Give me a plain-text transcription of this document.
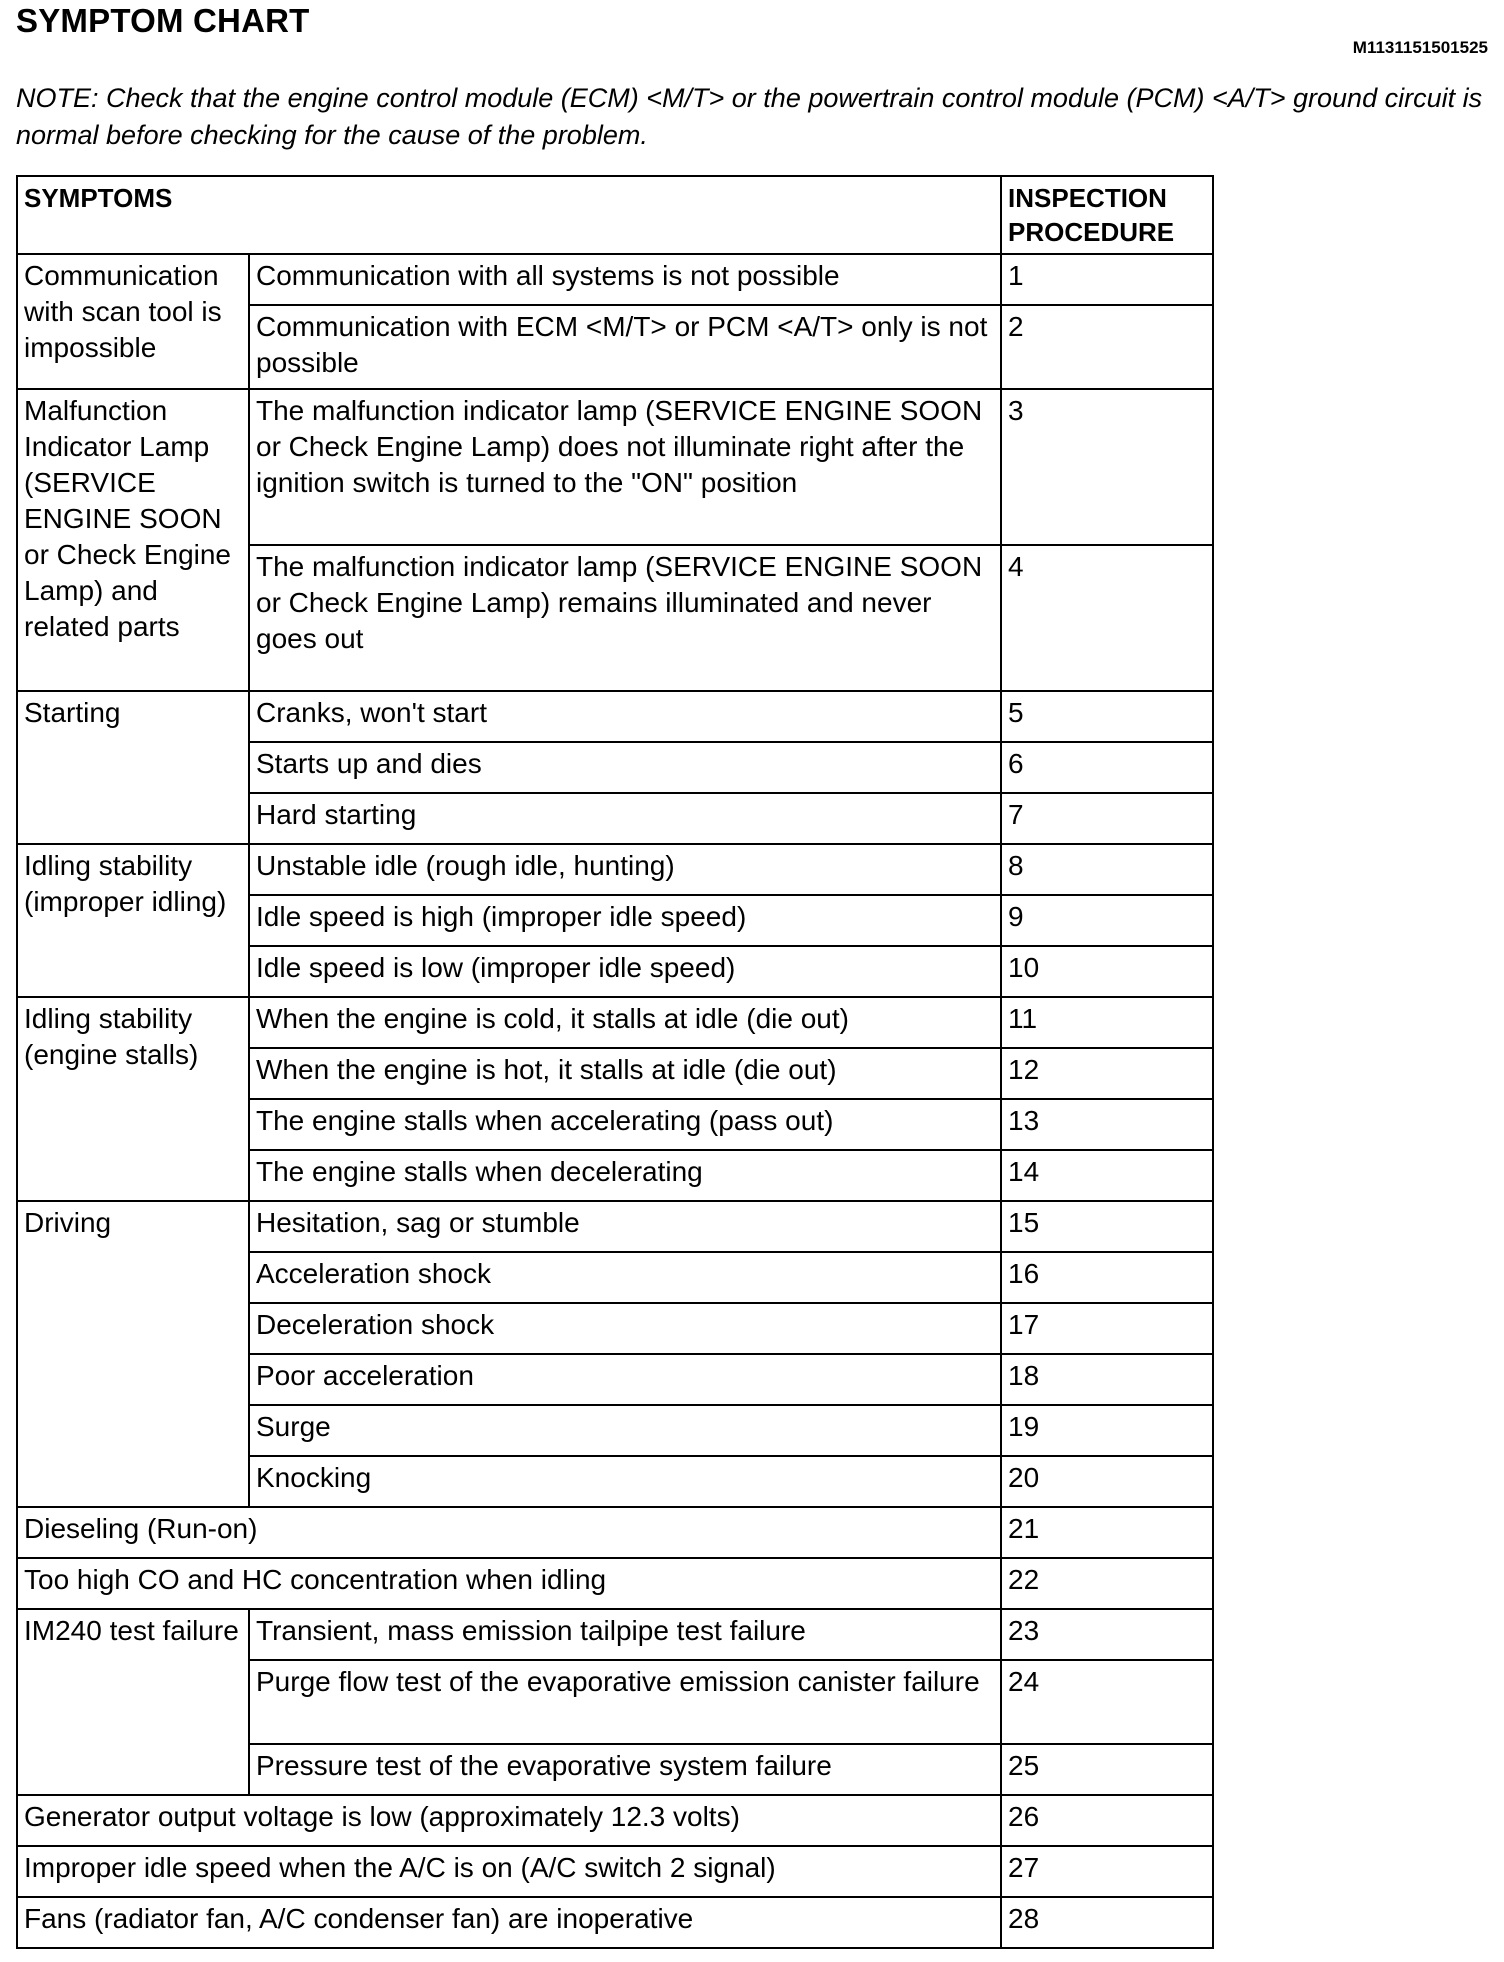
SYMPTOM CHART
M1131151501525
NOTE: Check that the engine control module (ECM) <M/T> or the powertrain control module (PCM) <A/T> ground circuit is normal before checking for the cause of the problem.
SYMPTOMS		INSPECTION
PROCEDURE
Communication with scan tool is impossible	Communication with all systems is not possible	1
	Communication with ECM <M/T> or PCM <A/T> only is not possible	2
Malfunction Indicator Lamp (SERVICE ENGINE SOON or Check Engine Lamp) and related parts	The malfunction indicator lamp (SERVICE ENGINE SOON or Check Engine Lamp) does not illuminate right after the ignition switch is turned to the "ON" position	3
	The malfunction indicator lamp (SERVICE ENGINE SOON or Check Engine Lamp) remains illuminated and never goes out	4
Starting	Cranks, won't start	5
	Starts up and dies	6
	Hard starting	7
Idling stability (improper idling)	Unstable idle (rough idle, hunting)	8
	Idle speed is high (improper idle speed)	9
	Idle speed is low (improper idle speed)	10
Idling stability (engine stalls)	When the engine is cold, it stalls at idle (die out)	11
	When the engine is hot, it stalls at idle (die out)	12
	The engine stalls when accelerating (pass out)	13
	The engine stalls when decelerating	14
Driving	Hesitation, sag or stumble	15
	Acceleration shock	16
	Deceleration shock	17
	Poor acceleration	18
	Surge	19
	Knocking	20
Dieseling (Run-on)		21
Too high CO and HC concentration when idling		22
IM240 test failure	Transient, mass emission tailpipe test failure	23
	Purge flow test of the evaporative emission canister failure	24
	Pressure test of the evaporative system failure	25
Generator output voltage is low (approximately 12.3 volts)		26
Improper idle speed when the A/C is on (A/C switch 2 signal)		27
Fans (radiator fan, A/C condenser fan) are inoperative		28
